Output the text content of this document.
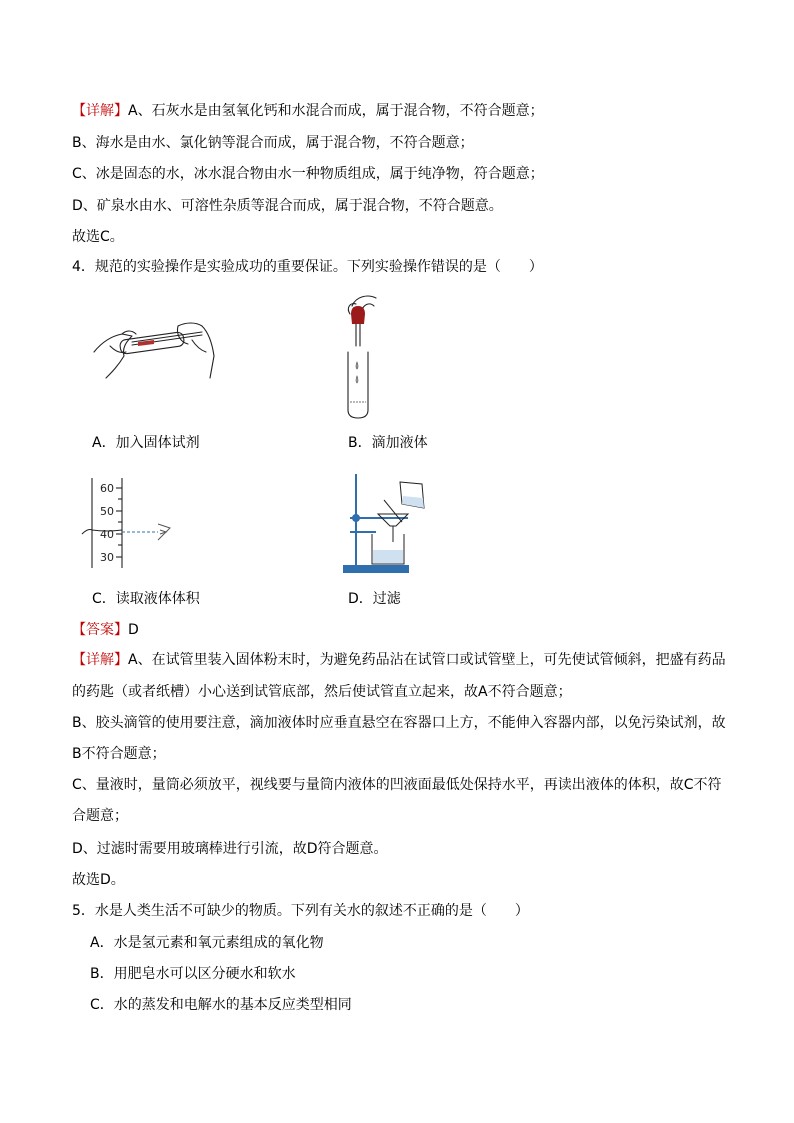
【详解】A、石灰水是由氢氧化钙和水混合而成，属于混合物，不符合题意；
B、海水是由水、氯化钠等混合而成，属于混合物，不符合题意；
C、冰是固态的水，冰水混合物由水一种物质组成，属于纯净物，符合题意；
D、矿泉水由水、可溶性杂质等混合而成，属于混合物，不符合题意。
故选C。
4．规范的实验操作是实验成功的重要保证。下列实验操作错误的是（　　）
A．加入固体试剂	B．滴加液体
60
50
40
30
C．读取液体体积	D．过滤
【答案】D
【详解】A、在试管里装入固体粉末时，为避免药品沾在试管口或试管壁上，可先使试管倾斜，把盛有药品
的药匙（或者纸槽）小心送到试管底部，然后使试管直立起来，故A不符合题意；
B、胶头滴管的使用要注意，滴加液体时应垂直悬空在容器口上方，不能伸入容器内部，以免污染试剂，故
B不符合题意；
C、量液时，量筒必须放平，视线要与量筒内液体的凹液面最低处保持水平，再读出液体的体积，故C不符
合题意；
D、过滤时需要用玻璃棒进行引流，故D符合题意。
故选D。
5．水是人类生活不可缺少的物质。下列有关水的叙述不正确的是（　　）
A．水是氢元素和氧元素组成的氧化物
B．用肥皂水可以区分硬水和软水
C．水的蒸发和电解水的基本反应类型相同
